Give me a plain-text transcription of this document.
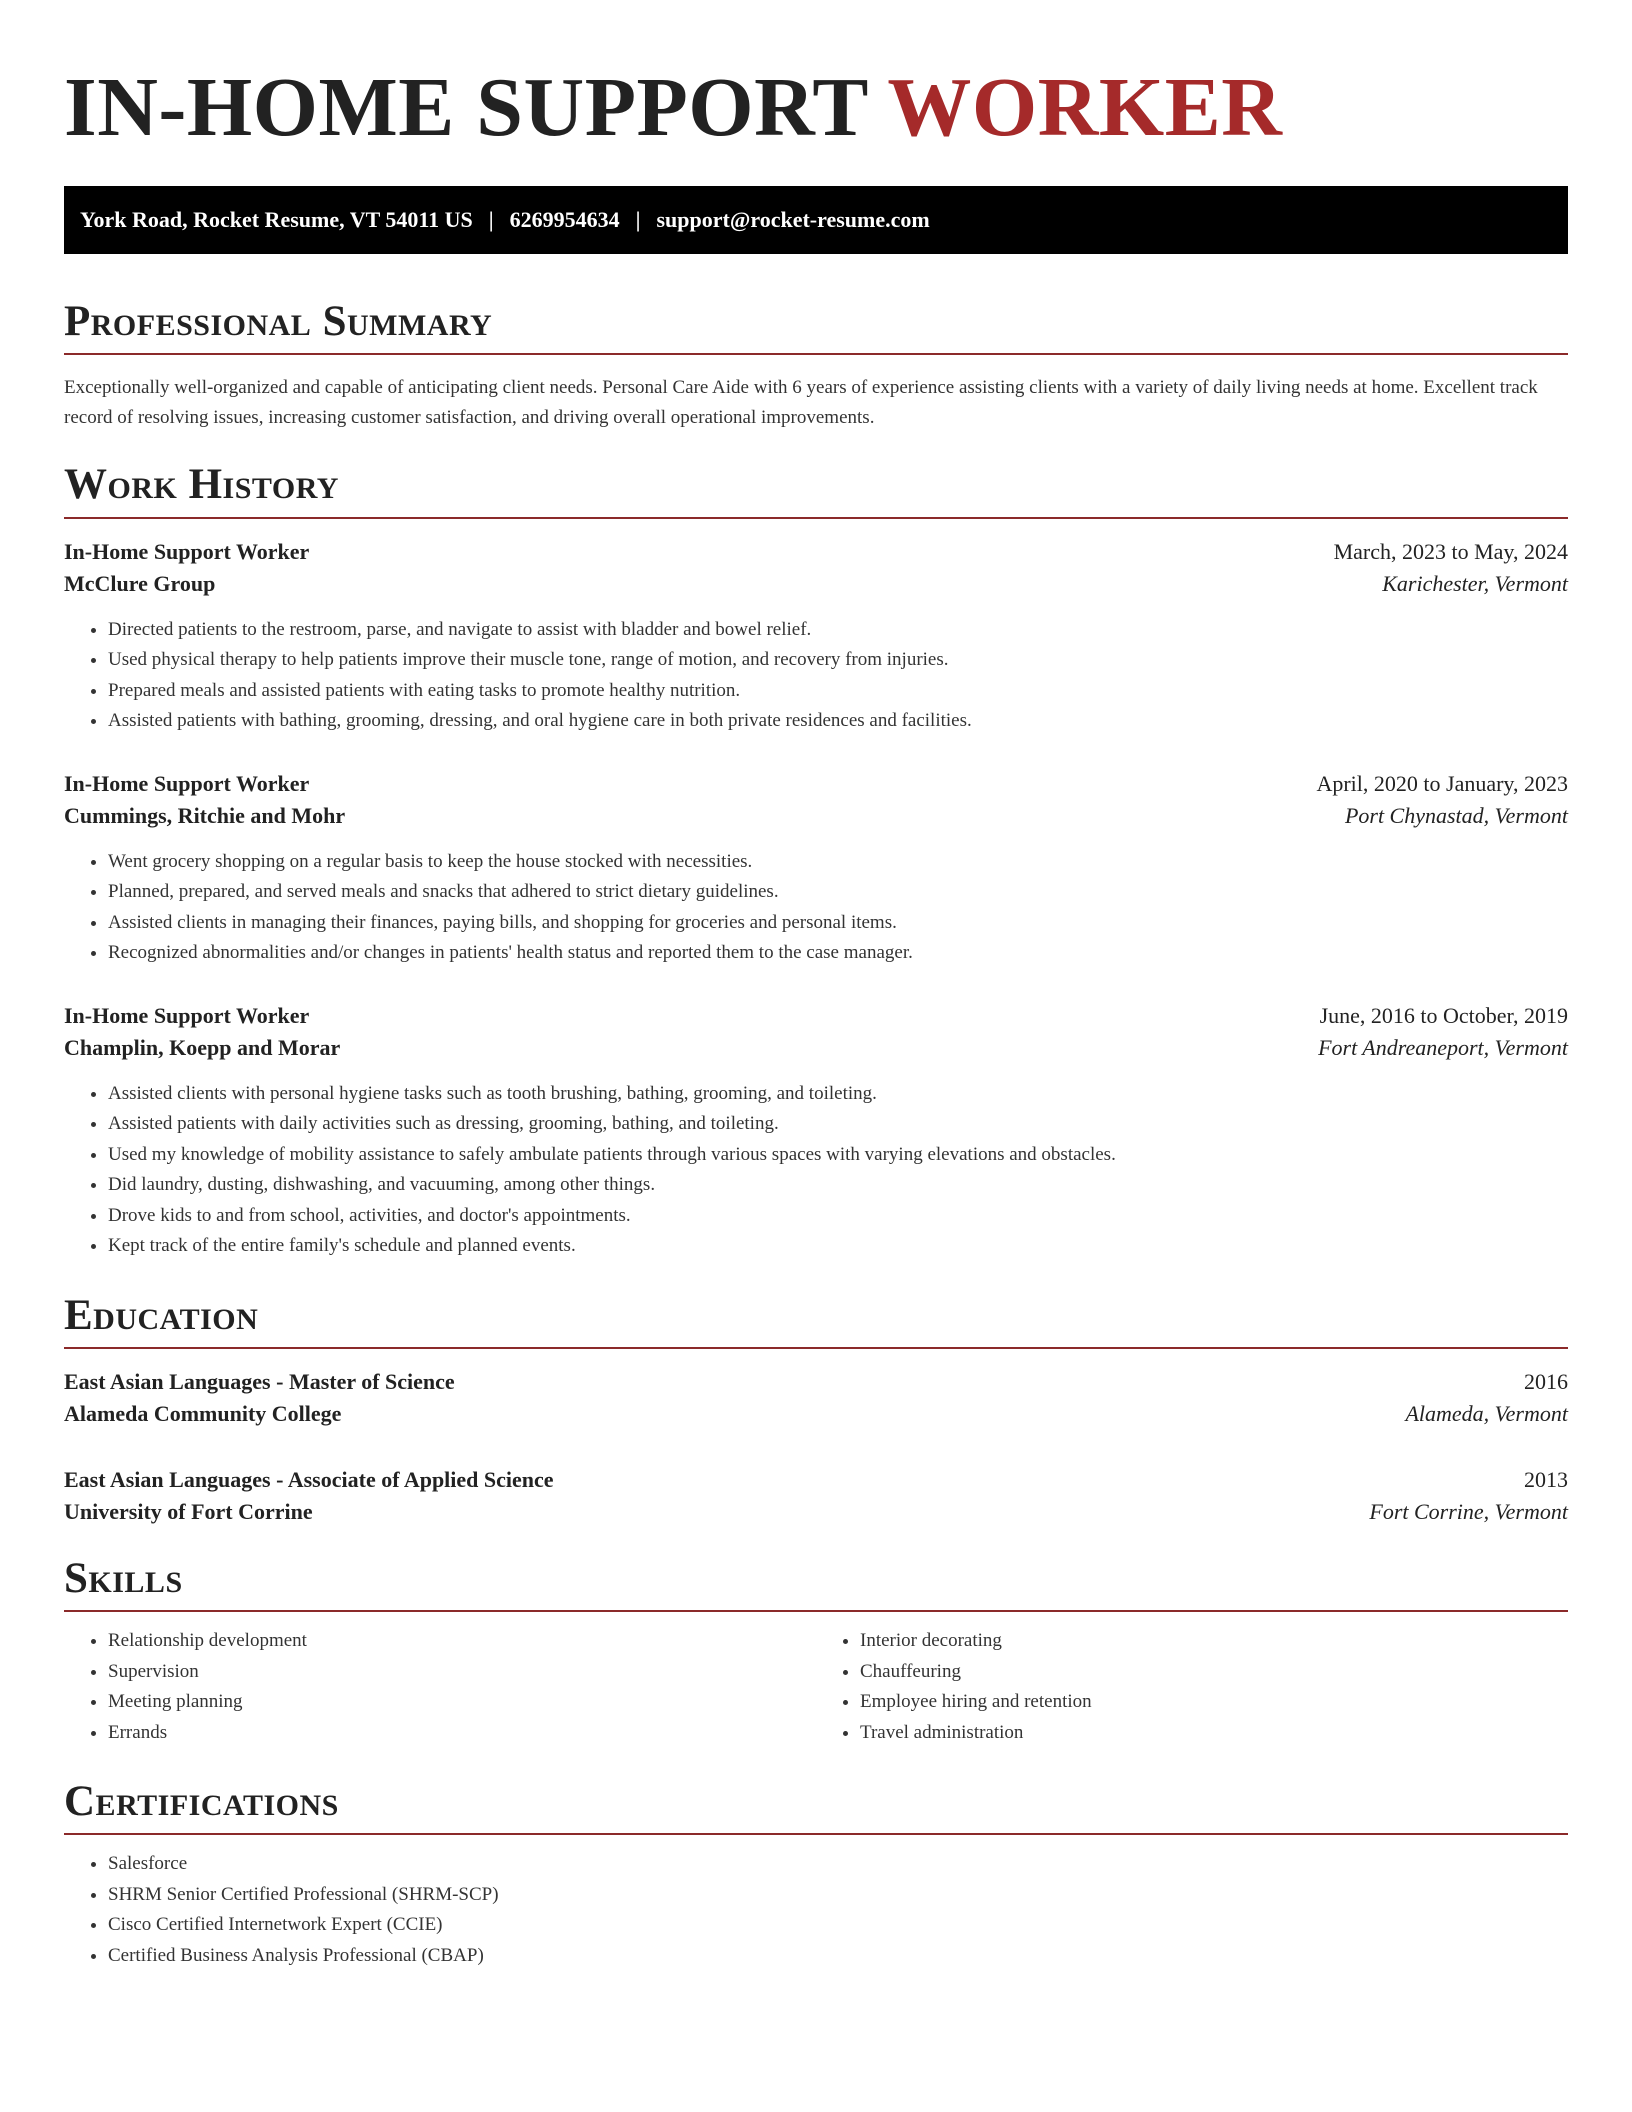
IN-HOME SUPPORT WORKER
York Road, Rocket Resume, VT 54011 US | 6269954634 | support@rocket-resume.com
Professional Summary

Exceptionally well-organized and capable of anticipating client needs. Personal Care Aide with 6 years of experience assisting clients with a variety of daily living needs at home. Excellent track record of resolving issues, increasing customer satisfaction, and driving overall operational improvements.

Work History
In-Home Support Worker	March, 2023 to May, 2024
McClure Group	Karichester, Vermont
• Directed patients to the restroom, parse, and navigate to assist with bladder and bowel relief.
• Used physical therapy to help patients improve their muscle tone, range of motion, and recovery from injuries.
• Prepared meals and assisted patients with eating tasks to promote healthy nutrition.
• Assisted patients with bathing, grooming, dressing, and oral hygiene care in both private residences and facilities.
In-Home Support Worker	April, 2020 to January, 2023
Cummings, Ritchie and Mohr	Port Chynastad, Vermont
• Went grocery shopping on a regular basis to keep the house stocked with necessities.
• Planned, prepared, and served meals and snacks that adhered to strict dietary guidelines.
• Assisted clients in managing their finances, paying bills, and shopping for groceries and personal items.
• Recognized abnormalities and/or changes in patients' health status and reported them to the case manager.
In-Home Support Worker	June, 2016 to October, 2019
Champlin, Koepp and Morar	Fort Andreaneport, Vermont
• Assisted clients with personal hygiene tasks such as tooth brushing, bathing, grooming, and toileting.
• Assisted patients with daily activities such as dressing, grooming, bathing, and toileting.
• Used my knowledge of mobility assistance to safely ambulate patients through various spaces with varying elevations and obstacles.
• Did laundry, dusting, dishwashing, and vacuuming, among other things.
• Drove kids to and from school, activities, and doctor's appointments.
• Kept track of the entire family's schedule and planned events.
Education
East Asian Languages - Master of Science	2016
Alameda Community College	Alameda, Vermont
East Asian Languages - Associate of Applied Science	2013
University of Fort Corrine	Fort Corrine, Vermont
Skills
• Relationship development
• Supervision
• Meeting planning
• Errands
• Interior decorating
• Chauffeuring
• Employee hiring and retention
• Travel administration
Certifications
• Salesforce
• SHRM Senior Certified Professional (SHRM-SCP)
• Cisco Certified Internetwork Expert (CCIE)
• Certified Business Analysis Professional (CBAP)
